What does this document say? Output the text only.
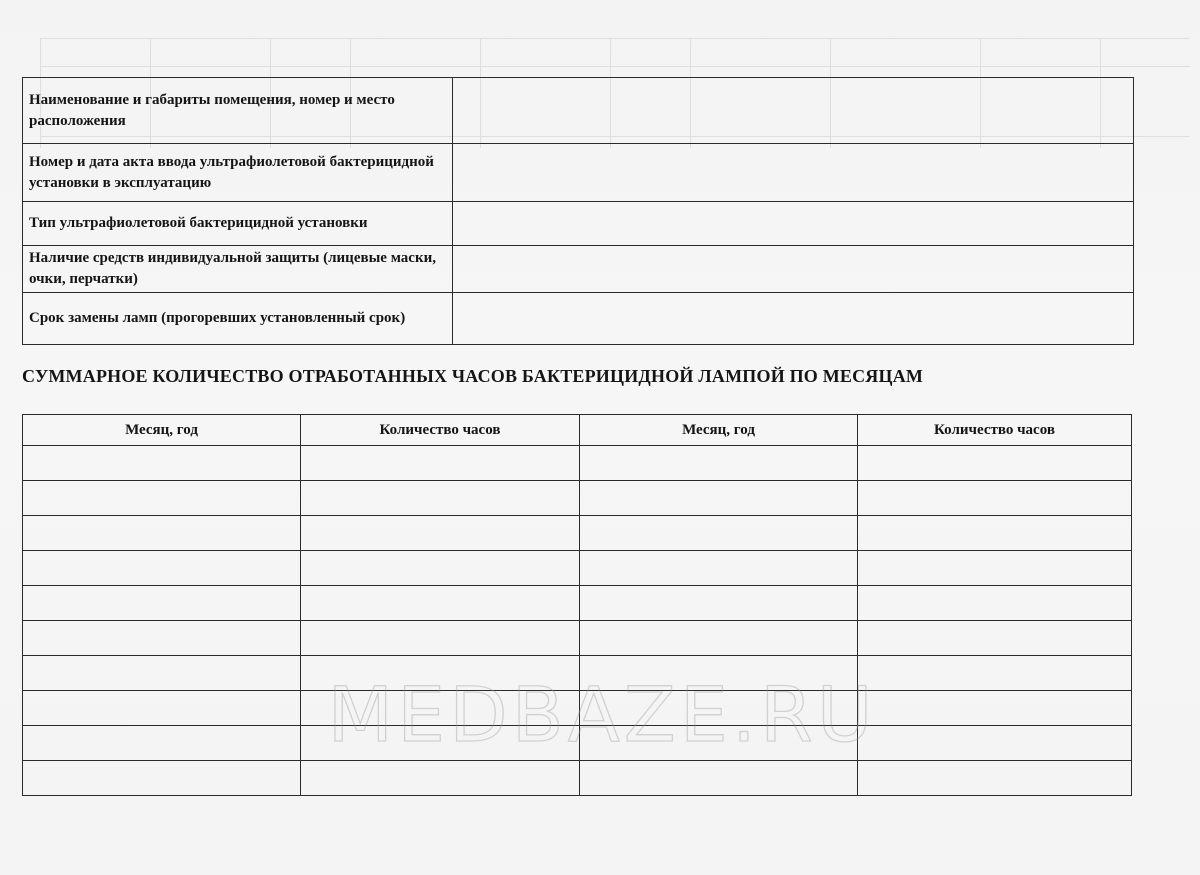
Наименование и габариты помещения, номер и место расположения	
Номер и дата акта ввода ультрафиолетовой бактерицидной установки в эксплуатацию	
Тип ультрафиолетовой бактерицидной установки	
Наличие средств индивидуальной защиты (лицевые маски, очки, перчатки)	
Срок замены ламп (прогоревших установленный срок)	
СУММАРНОЕ КОЛИЧЕСТВО ОТРАБОТАННЫХ ЧАСОВ БАКТЕРИЦИДНОЙ ЛАМПОЙ ПО МЕСЯЦАМ
Месяц, год	Количество часов	Месяц, год	Количество часов

MEDBAZE.RU
